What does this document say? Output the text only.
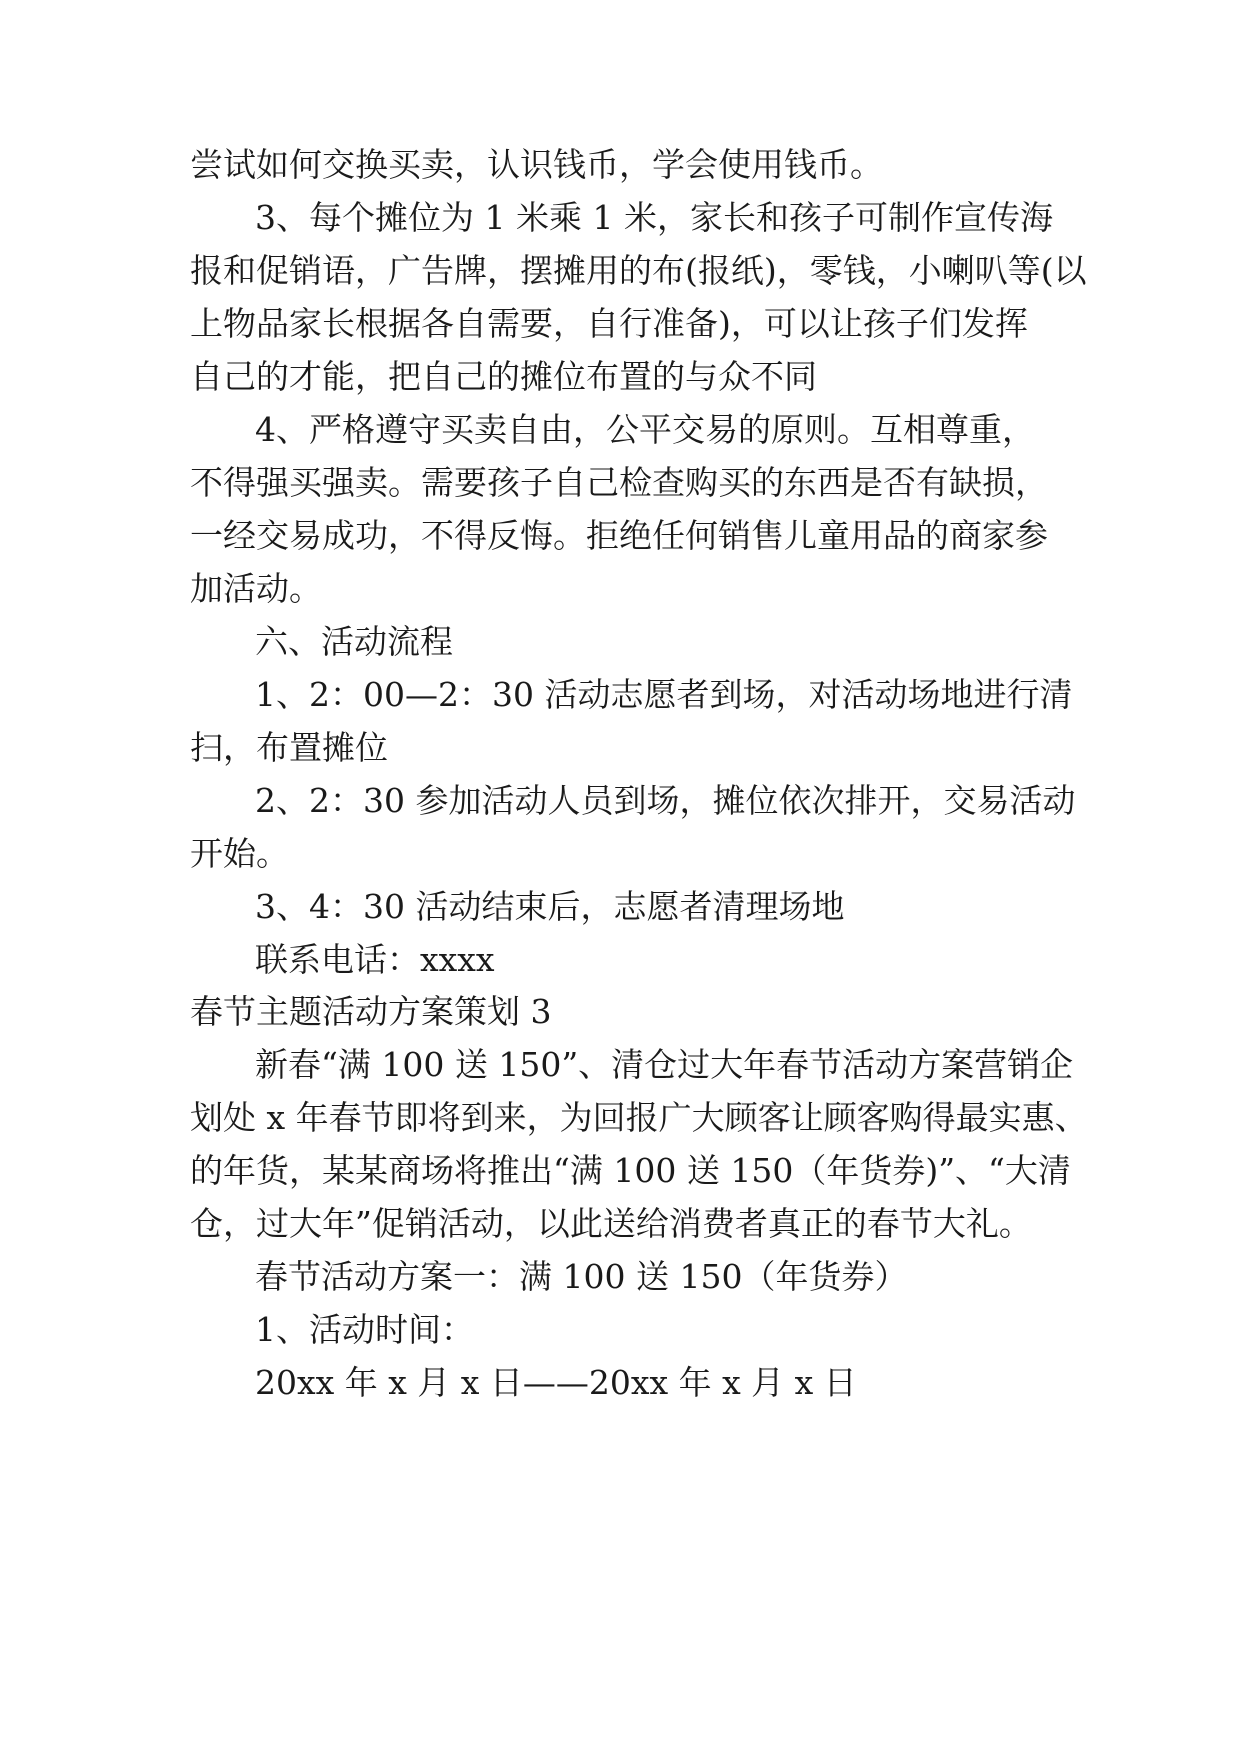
尝试如何交换买卖，认识钱币，学会使用钱币。
3、每个摊位为 1 米乘 1 米，家长和孩子可制作宣传海
报和促销语，广告牌，摆摊用的布(报纸)，零钱，小喇叭等(以
上物品家长根据各自需要，自行准备)，可以让孩子们发挥
自己的才能，把自己的摊位布置的与众不同
4、严格遵守买卖自由，公平交易的原则。互相尊重，
不得强买强卖。需要孩子自己检查购买的东西是否有缺损，
一经交易成功，不得反悔。拒绝任何销售儿童用品的商家参
加活动。
六、活动流程
1、2：00—2：30 活动志愿者到场，对活动场地进行清
扫，布置摊位
2、2：30 参加活动人员到场，摊位依次排开，交易活动
开始。
3、4：30 活动结束后，志愿者清理场地
联系电话：xxxx
春节主题活动方案策划 3
新春“满 100 送 150”、清仓过大年春节活动方案营销企
划处 x 年春节即将到来，为回报广大顾客让顾客购得最实惠、
的年货，某某商场将推出“满 100 送 150（年货券)”、“大清
仓，过大年”促销活动，以此送给消费者真正的春节大礼。
春节活动方案一：满 100 送 150（年货券）
1、活动时间：
20xx 年 x 月 x 日——20xx 年 x 月 x 日
